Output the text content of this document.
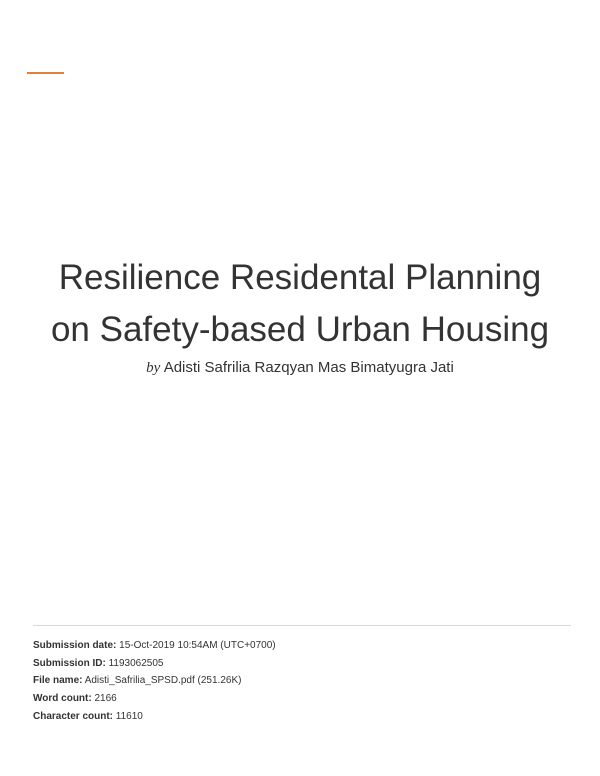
Resilience Residental Planning
on Safety-based Urban Housing
by Adisti Safrilia Razqyan Mas Bimatyugra Jati
Submission date: 15-Oct-2019 10:54AM (UTC+0700)
Submission ID: 1193062505
File name: Adisti_Safrilia_SPSD.pdf (251.26K)
Word count: 2166
Character count: 11610
